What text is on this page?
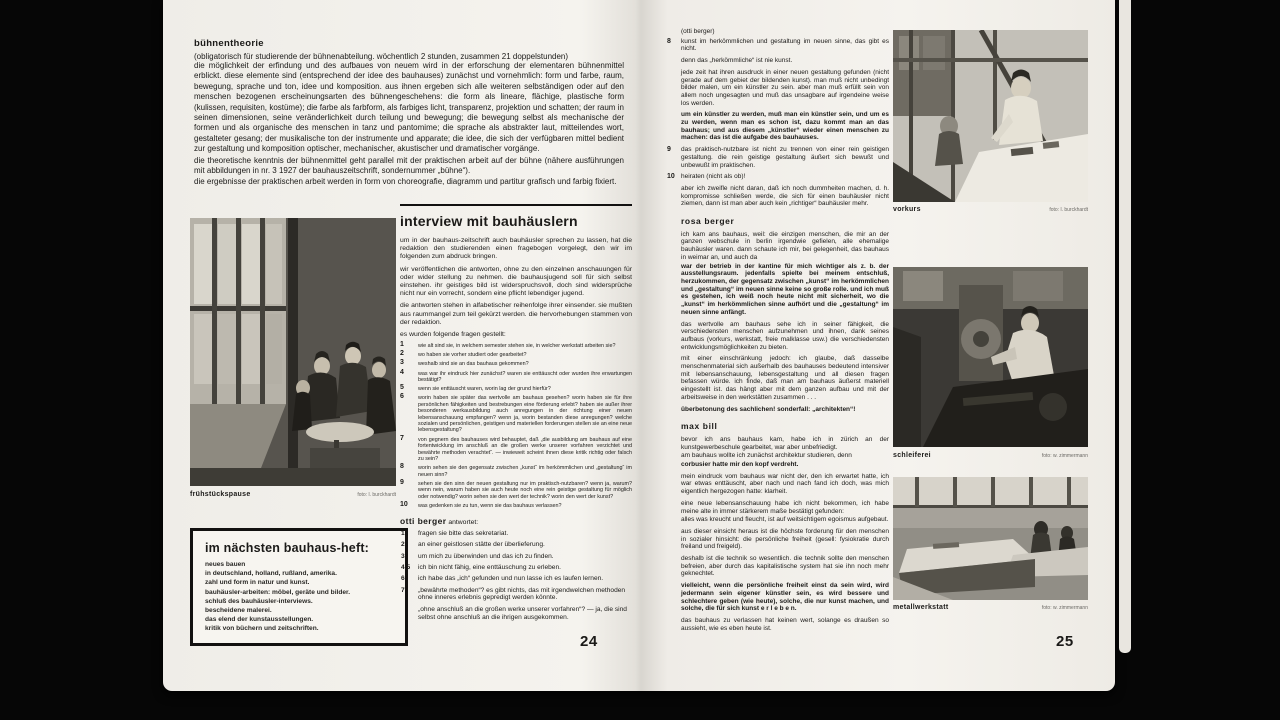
bühnentheorie
(obligatorisch für studierende der bühnenabteilung. wöchentlich 2 stunden, zusammen 21 doppelstunden)

die möglichkeit der erfindung und des aufbaues von neuem wird in der erforschung der elementaren bühnenmittel erblickt. diese elemente sind (entsprechend der idee des bauhauses) zunächst und vornehmlich: form und farbe, raum, bewegung, sprache und ton, idee und komposition. aus ihnen ergeben sich alle weiteren selbständigen oder auf den menschen bezogenen erscheinungsarten des bühnengeschehens: die form als lineare, flächige, plastische form (kulissen, requisiten, kostüme); die farbe als farbform, als farbiges licht, transparenz, projektion und schatten; der raum in seinen dimensionen, seine veränderlichkeit durch teilung und bewegung; die bewegung selbst als mechanische der formen und als organische des menschen in tanz und pantomime; die sprache als abstrakter laut, mitteilendes wort, gestalteter gesang; der musikalische ton der instrumente und apparate; die idee, die sich der verfügbaren mittel bedient zur gestaltung und komposition optischer, mechanischer, akustischer und dramatischer vorgänge.

die theoretische kenntnis der bühnenmittel geht parallel mit der praktischen arbeit auf der bühne (nähere ausführungen mit abbildungen in nr. 3 1927 der bauhauszeitschrift, sondernummer „bühne“).

die ergebnisse der praktischen arbeit werden in form von choreografie, diagramm und partitur grafisch und farbig fixiert.

frühstückspause	foto: l. burckhardt
im nächsten bauhaus-heft:
neues bauen
in deutschland, holland, rußland, amerika.
zahl und form in natur und kunst.
bauhäusler-arbeiten: möbel, geräte und bilder.
schluß des bauhäusler-interviews.
bescheidene malerei.
das elend der kunstausstellungen.
kritik von büchern und zeitschriften.
interview mit bauhäuslern

um in der bauhaus-zeitschrift auch bauhäusler sprechen zu lassen, hat die redaktion den studierenden einen fragebogen vorgelegt, den wir im folgenden zum abdruck bringen.

wir veröffentlichen die antworten, ohne zu den einzelnen anschauungen für oder wider stellung zu nehmen. die bauhausjugend soll für sich selbst einstehen. ihr geistiges bild ist widerspruchsvoll, doch sind widersprüche nicht nur ein vorrecht, sondern eine pflicht lebendiger jugend.

die antworten stehen in alfabetischer reihenfolge ihrer einsender. sie mußten aus raummangel zum teil gekürzt werden. die hervorhebungen stammen von der redaktion.

es wurden folgende fragen gestellt:

1	wie alt sind sie, in welchem semester stehen sie, in welcher werkstatt arbeiten sie?
2	wo haben sie vorher studiert oder gearbeitet?
3	weshalb sind sie an das bauhaus gekommen?
4	was war ihr eindruck hier zunächst? waren sie enttäuscht oder wurden ihre erwartungen bestätigt?
5	wenn sie enttäuscht waren, worin lag der grund hierfür?
6	worin haben sie später das wertvolle am bauhaus gesehen? worin haben sie für ihre persönlichen fähigkeiten und bestrebungen eine förderung erlebt? haben sie außer ihrer besonderen werkausbildung auch anregungen in der richtung einer neuen lebensanschauung empfangen? wenn ja, worin bestanden diese anregungen? welche sozialen und persönlichen, geistigen und materiellen forderungen stellen sie an eine neue lebensgestaltung?
7	von gegnern des bauhauses wird behauptet, daß „die ausbildung am bauhaus auf eine fortentwicklung im anschluß an die großen werke unserer vorfahren verzichtet und bewährte methoden verachtet“. — inwieweit scheint ihnen diese kritik richtig oder falsch zu sein?
8	worin sehen sie den gegensatz zwischen „kunst“ im herkömmlichen und „gestaltung“ im neuen sinn?
9	sehen sie den sinn der neuen gestaltung nur im praktisch-nutzbaren? wenn ja, warum? wenn nein, warum haben sie auch heute noch eine rein geistige gestaltung für möglich oder notwendig? worin sehen sie den wert der technik? worin den wert der kunst?
10 was gedenken sie zu tun, wenn sie das bauhaus verlassen?

otti berger antwortet:

1 fragen sie bitte das sekretariat.
2 an einer geistlosen stätte der überlieferung.
3 um mich zu überwinden und das ich zu finden.
4,5 ich bin nicht fähig, eine enttäuschung zu erleben.
6 ich habe das „ich“ gefunden und nun lasse ich es laufen lernen.
7 „bewährte methoden“? es gibt nichts, das mit irgendwelchen methoden ohne inneres erlebnis gepredigt werden könnte.
„ohne anschluß an die großen werke unserer vorfahren“? — ja, die sind selbst ohne anschluß an die ihrigen ausgekommen.
24
(otti berger)
8 kunst im herkömmlichen und gestaltung im neuen sinne, das gibt es nicht.
denn das „herkömmliche“ ist nie kunst.
jede zeit hat ihren ausdruck in einer neuen gestaltung gefunden (nicht gerade auf dem gebiet der bildenden kunst). man muß nicht unbedingt bilder malen, um ein künstler zu sein. aber man muß erfüllt sein von allem noch ungesagten und muß das unsagbare auf irgendeine weise los werden.
um ein künstler zu werden, muß man ein künstler sein, und um es zu werden, wenn man es schon ist, dazu kommt man an das bauhaus; und aus diesem „künstler“ wieder einen menschen zu machen: das ist die aufgabe des bauhauses.
9 das praktisch-nutzbare ist nicht zu trennen von einer rein geistigen gestaltung. die rein geistige gestaltung äußert sich bewußt und unbewußt im praktischen.
10 heiraten (nicht als ob)!
aber ich zweifle nicht daran, daß ich noch dummheiten machen, d. h. kompromisse schließen werde, die sich für einen bauhäusler nicht ziemen, dann ist man aber auch kein „richtiger“ bauhäusler mehr.
rosa berger
ich kam ans bauhaus, weil: die einzigen menschen, die mir an der ganzen webschule in berlin irgendwie gefielen, alle ehemalige bauhäusler waren. dann schaute ich mir, bei gelegenheit, das bauhaus in weimar an, und auch da
war der betrieb in der kantine für mich wichtiger als z. b. der ausstellungsraum. jedenfalls spielte bei meinem entschluß, herzukommen, der gegensatz zwischen „kunst“ im herkömmlichen und „gestaltung“ im neuen sinne keine so große rolle. und ich muß es gestehen, ich weiß noch heute nicht mit sicherheit, wo die „kunst“ im herkömmlichen sinne aufhört und die „gestaltung“ im neuen sinne anfängt.
das wertvolle am bauhaus sehe ich in seiner fähigkeit, die verschiedensten menschen aufzunehmen und ihnen, dank seines aufbaus (vorkurs, werkstatt, freie malklasse usw.) die verschiedensten entwicklungsmöglichkeiten zu bieten.
mit einer einschränkung jedoch: ich glaube, daß dasselbe menschenmaterial sich außerhalb des bauhauses bedeutend intensiver mit lebensanschauung, lebensgestaltung und all diesen fragen befassen würde. ich finde, daß man am bauhaus äußerst materiell eingestellt ist. das hängt aber mit dem ganzen aufbau und mit der arbeitsweise in den werkstätten zusammen . . .
überbetonung des sachlichen! sonderfall: „architekten“!
max bill
bevor ich ans bauhaus kam, habe ich in zürich an der kunstgewerbeschule gearbeitet, war aber unbefriedigt.
am bauhaus wollte ich zunächst architektur studieren, denn
corbusier hatte mir den kopf verdreht.
mein eindruck vom bauhaus war nicht der, den ich erwartet hatte, ich war etwas enttäuscht, aber nach und nach fand ich doch, was mich eigentlich hergezogen hatte: klarheit.
eine neue lebensanschauung habe ich nicht bekommen, ich habe meine alte in immer stärkerem maße bestätigt gefunden:
alles was kreucht und fleucht, ist auf weitsichtigem egoismus aufgebaut.
aus dieser einsicht heraus ist die höchste forderung für den menschen in sozialer hinsicht: die persönliche freiheit (gesell: fysiokratie durch freiland und freigeld).
deshalb ist die technik so wesentlich. die technik sollte den menschen befreien, aber durch das kapitalistische system hat sie ihn noch mehr geknechtet.
vielleicht, wenn die persönliche freiheit einst da sein wird, wird jedermann sein eigener künstler sein, es wird bessere und schlechtere geben (wie heute), solche, die nur kunst machen, und solche, die für sich kunst e r l e b e n.
das bauhaus zu verlassen hat keinen wert, solange es draußen so aussieht, wie es eben heute ist.
vorkurs	foto: l. burckhardt
schleiferei	foto: w. zimmermann
metallwerkstatt	foto: w. zimmermann
25
